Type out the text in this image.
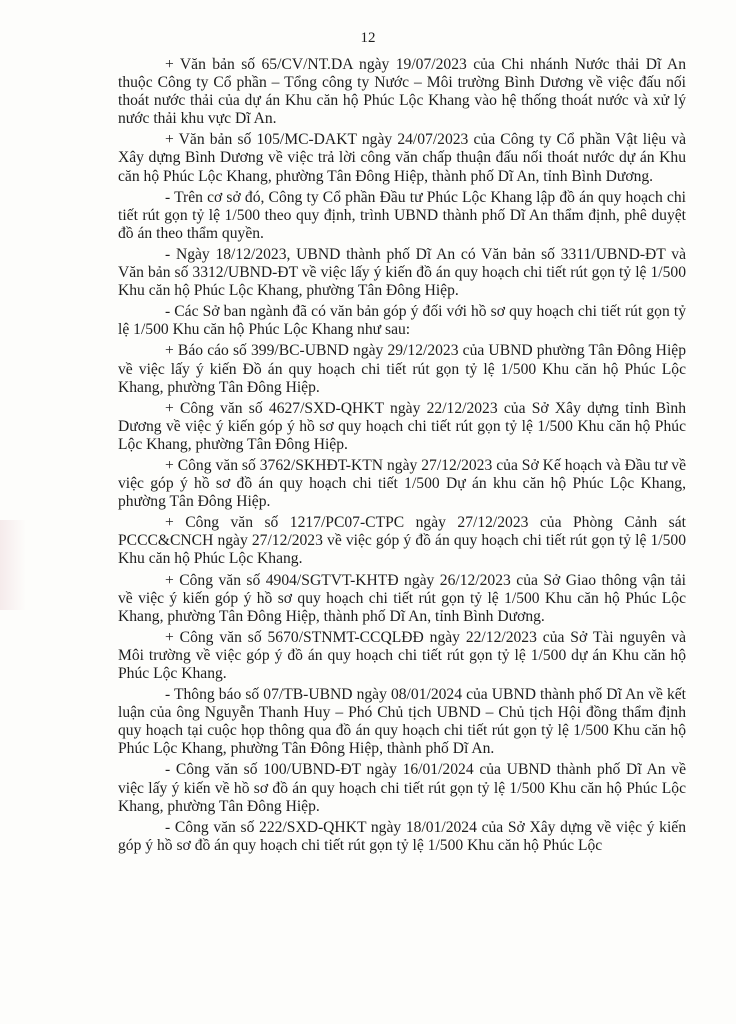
12

+ Văn bản số 65/CV/NT.DA ngày 19/07/2023 của Chi nhánh Nước thải Dĩ An thuộc Công ty Cổ phần – Tổng công ty Nước – Môi trường Bình Dương về việc đấu nối thoát nước thải của dự án Khu căn hộ Phúc Lộc Khang vào hệ thống thoát nước và xử lý nước thải khu vực Dĩ An.

+ Văn bản số 105/MC-DAKT ngày 24/07/2023 của Công ty Cổ phần Vật liệu và Xây dựng Bình Dương về việc trả lời công văn chấp thuận đấu nối thoát nước dự án Khu căn hộ Phúc Lộc Khang, phường Tân Đông Hiệp, thành phố Dĩ An, tỉnh Bình Dương.

- Trên cơ sở đó, Công ty Cổ phần Đầu tư Phúc Lộc Khang lập đồ án quy hoạch chi tiết rút gọn tỷ lệ 1/500 theo quy định, trình UBND thành phố Dĩ An thẩm định, phê duyệt đồ án theo thẩm quyền.

- Ngày 18/12/2023, UBND thành phố Dĩ An có Văn bản số 3311/UBND-ĐT và Văn bản số 3312/UBND-ĐT về việc lấy ý kiến đồ án quy hoạch chi tiết rút gọn tỷ lệ 1/500 Khu căn hộ Phúc Lộc Khang, phường Tân Đông Hiệp.

- Các Sở ban ngành đã có văn bản góp ý đối với hồ sơ quy hoạch chi tiết rút gọn tỷ lệ 1/500 Khu căn hộ Phúc Lộc Khang như sau:

+ Báo cáo số 399/BC-UBND ngày 29/12/2023 của UBND phường Tân Đông Hiệp về việc lấy ý kiến Đồ án quy hoạch chi tiết rút gọn tỷ lệ 1/500 Khu căn hộ Phúc Lộc Khang, phường Tân Đông Hiệp.

+ Công văn số 4627/SXD-QHKT ngày 22/12/2023 của Sở Xây dựng tỉnh Bình Dương về việc ý kiến góp ý hồ sơ quy hoạch chi tiết rút gọn tỷ lệ 1/500 Khu căn hộ Phúc Lộc Khang, phường Tân Đông Hiệp.

+ Công văn số 3762/SKHĐT-KTN ngày 27/12/2023 của Sở Kế hoạch và Đầu tư về việc góp ý hồ sơ đồ án quy hoạch chi tiết 1/500 Dự án khu căn hộ Phúc Lộc Khang, phường Tân Đông Hiệp.

+ Công văn số 1217/PC07-CTPC ngày 27/12/2023 của Phòng Cảnh sát PCCC&CNCH ngày 27/12/2023 về việc góp ý đồ án quy hoạch chi tiết rút gọn tỷ lệ 1/500 Khu căn hộ Phúc Lộc Khang.

+ Công văn số 4904/SGTVT-KHTĐ ngày 26/12/2023 của Sở Giao thông vận tải về việc ý kiến góp ý hồ sơ quy hoạch chi tiết rút gọn tỷ lệ 1/500 Khu căn hộ Phúc Lộc Khang, phường Tân Đông Hiệp, thành phố Dĩ An, tỉnh Bình Dương.

+ Công văn số 5670/STNMT-CCQLĐĐ ngày 22/12/2023 của Sở Tài nguyên và Môi trường về việc góp ý đồ án quy hoạch chi tiết rút gọn tỷ lệ 1/500 dự án Khu căn hộ Phúc Lộc Khang.

- Thông báo số 07/TB-UBND ngày 08/01/2024 của UBND thành phố Dĩ An về kết luận của ông Nguyễn Thanh Huy – Phó Chủ tịch UBND – Chủ tịch Hội đồng thẩm định quy hoạch tại cuộc họp thông qua đồ án quy hoạch chi tiết rút gọn tỷ lệ 1/500 Khu căn hộ Phúc Lộc Khang, phường Tân Đông Hiệp, thành phố Dĩ An.

- Công văn số 100/UBND-ĐT ngày 16/01/2024 của UBND thành phố Dĩ An về việc lấy ý kiến về hồ sơ đồ án quy hoạch chi tiết rút gọn tỷ lệ 1/500 Khu căn hộ Phúc Lộc Khang, phường Tân Đông Hiệp.

- Công văn số 222/SXD-QHKT ngày 18/01/2024 của Sở Xây dựng về việc ý kiến góp ý hồ sơ đồ án quy hoạch chi tiết rút gọn tỷ lệ 1/500 Khu căn hộ Phúc Lộc
